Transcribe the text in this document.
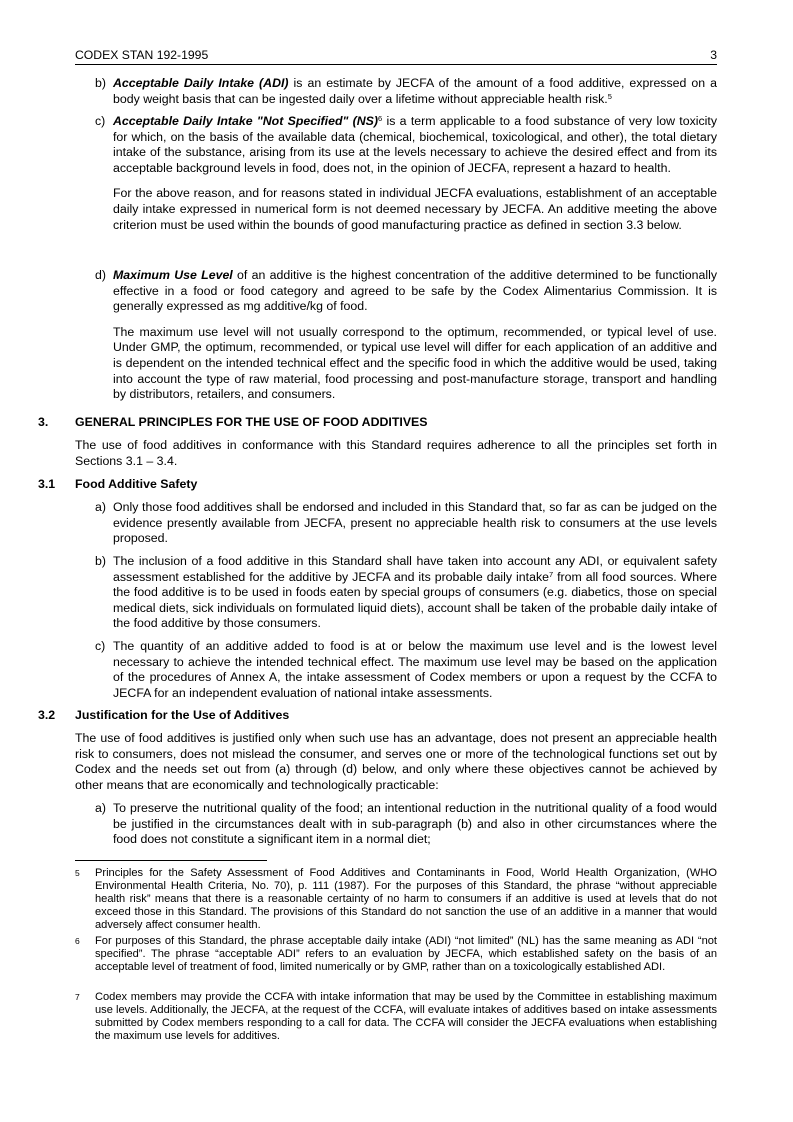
CODEX STAN 192-1995	3
b) Acceptable Daily Intake (ADI) is an estimate by JECFA of the amount of a food additive, expressed on a body weight basis that can be ingested daily over a lifetime without appreciable health risk.$^5$
c) Acceptable Daily Intake "Not Specified" (NS)$^6$ is a term applicable to a food substance of very low toxicity for which, on the basis of the available data (chemical, biochemical, toxicological, and other), the total dietary intake of the substance, arising from its use at the levels necessary to achieve the desired effect and from its acceptable background levels in food, does not, in the opinion of JECFA, represent a hazard to health.
For the above reason, and for reasons stated in individual JECFA evaluations, establishment of an acceptable daily intake expressed in numerical form is not deemed necessary by JECFA. An additive meeting the above criterion must be used within the bounds of good manufacturing practice as defined in section 3.3 below.
d) Maximum Use Level of an additive is the highest concentration of the additive determined to be functionally effective in a food or food category and agreed to be safe by the Codex Alimentarius Commission. It is generally expressed as mg additive/kg of food.
The maximum use level will not usually correspond to the optimum, recommended, or typical level of use. Under GMP, the optimum, recommended, or typical use level will differ for each application of an additive and is dependent on the intended technical effect and the specific food in which the additive would be used, taking into account the type of raw material, food processing and post-manufacture storage, transport and handling by distributors, retailers, and consumers.
3. GENERAL PRINCIPLES FOR THE USE OF FOOD ADDITIVES
The use of food additives in conformance with this Standard requires adherence to all the principles set forth in Sections 3.1 – 3.4.
3.1 Food Additive Safety
a) Only those food additives shall be endorsed and included in this Standard that, so far as can be judged on the evidence presently available from JECFA, present no appreciable health risk to consumers at the use levels proposed.
b) The inclusion of a food additive in this Standard shall have taken into account any ADI, or equivalent safety assessment established for the additive by JECFA and its probable daily intake$^7$ from all food sources. Where the food additive is to be used in foods eaten by special groups of consumers (e.g. diabetics, those on special medical diets, sick individuals on formulated liquid diets), account shall be taken of the probable daily intake of the food additive by those consumers.
c) The quantity of an additive added to food is at or below the maximum use level and is the lowest level necessary to achieve the intended technical effect. The maximum use level may be based on the application of the procedures of Annex A, the intake assessment of Codex members or upon a request by the CCFA to JECFA for an independent evaluation of national intake assessments.
3.2 Justification for the Use of Additives
The use of food additives is justified only when such use has an advantage, does not present an appreciable health risk to consumers, does not mislead the consumer, and serves one or more of the technological functions set out by Codex and the needs set out from (a) through (d) below, and only where these objectives cannot be achieved by other means that are economically and technologically practicable:
a) To preserve the nutritional quality of the food; an intentional reduction in the nutritional quality of a food would be justified in the circumstances dealt with in sub-paragraph (b) and also in other circumstances where the food does not constitute a significant item in a normal diet;
5 Principles for the Safety Assessment of Food Additives and Contaminants in Food, World Health Organization, (WHO Environmental Health Criteria, No. 70), p. 111 (1987). For the purposes of this Standard, the phrase “without appreciable health risk” means that there is a reasonable certainty of no harm to consumers if an additive is used at levels that do not exceed those in this Standard. The provisions of this Standard do not sanction the use of an additive in a manner that would adversely affect consumer health.
6 For purposes of this Standard, the phrase acceptable daily intake (ADI) “not limited” (NL) has the same meaning as ADI “not specified”. The phrase “acceptable ADI” refers to an evaluation by JECFA, which established safety on the basis of an acceptable level of treatment of food, limited numerically or by GMP, rather than on a toxicologically established ADI.
7 Codex members may provide the CCFA with intake information that may be used by the Committee in establishing maximum use levels. Additionally, the JECFA, at the request of the CCFA, will evaluate intakes of additives based on intake assessments submitted by Codex members responding to a call for data. The CCFA will consider the JECFA evaluations when establishing the maximum use levels for additives.
